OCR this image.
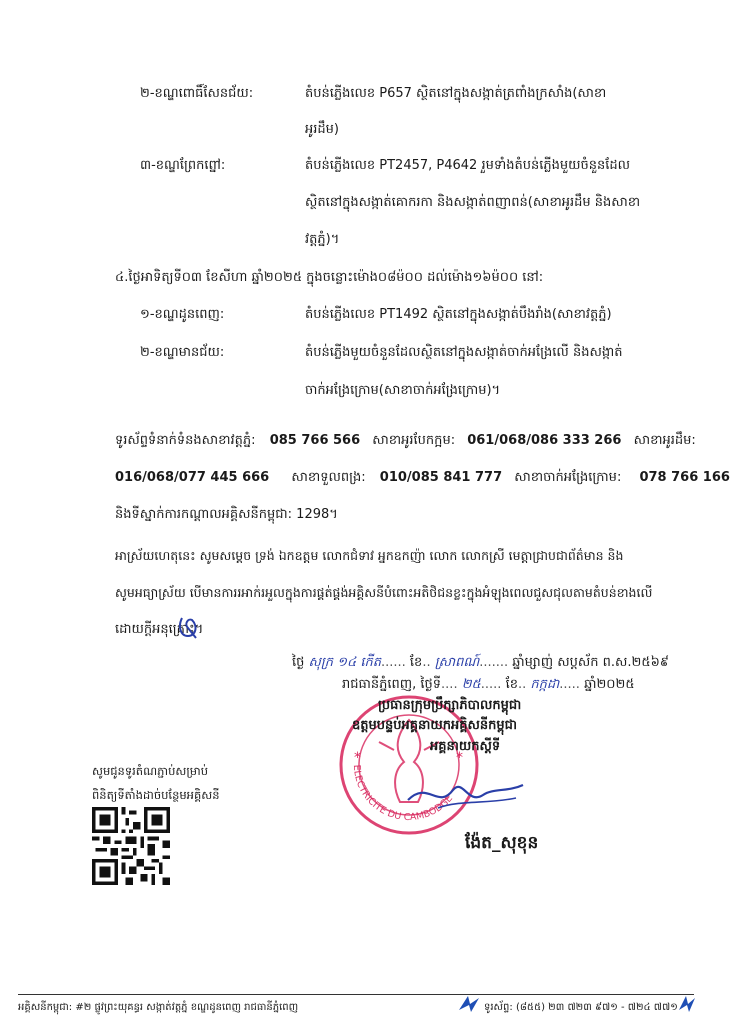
២-ខណ្ឌពោធិ៍សែនជ័យ:	តំបន់ភ្លើងលេខ P657 ស្ថិតនៅក្នុងសង្កាត់ត្រពាំងក្រសាំង(សាខា
អូរដឹម)
៣-ខណ្ឌព្រែកព្នៅ:	តំបន់ភ្លើងលេខ PT2457, P4642 រួមទាំងតំបន់ភ្លើងមួយចំនួនដែល
ស្ថិតនៅក្នុងសង្កាត់គោករកា និងសង្កាត់ពញាពន់(សាខាអូរដឹម និងសាខា
វត្តភ្នំ)។
៤.ថ្ងៃអាទិត្យទី០៣ ខែសីហា ឆ្នាំ២០២៥ ក្នុងចន្លោះម៉ោង០៨ម៉០០ ដល់ម៉ោង១៦ម៉០០ នៅ:
១-ខណ្ឌដូនពេញ:	តំបន់ភ្លើងលេខ PT1492 ស្ថិតនៅក្នុងសង្កាត់បឹងរាំង(សាខាវត្តភ្នំ)
២-ខណ្ឌមានជ័យ:	តំបន់ភ្លើងមួយចំនួនដែលស្ថិតនៅក្នុងសង្កាត់ចាក់អង្រែលើ និងសង្កាត់
ចាក់អង្រែក្រោម(សាខាចាក់អង្រែក្រោម)។
ទូរស័ព្ទទំនាក់ទំនងសាខាវត្តភ្នំ: 085 766 566 សាខាអូរបែកក្អម: 061/068/086 333 266 សាខាអូរដឹម:
016/068/077 445 666 សាខាទួលពង្រ: 010/085 841 777 សាខាចាក់អង្រែក្រោម: 078 766 166
និងទីស្នាក់ការកណ្តាលអគ្គិសនីកម្ពុជា: 1298។
អាស្រ័យហេតុនេះ សូមសម្តេច ទ្រង់ ឯកឧត្តម លោកជំទាវ អ្នកឧកញ៉ា លោក លោកស្រី មេត្តាជ្រាបជាព័ត៌មាន និង
សូមអធ្យាស្រ័យ បើមានការរអាក់រអួលក្នុងការផ្គត់ផ្គង់អគ្គិសនីបំពោះអតិថិជនខ្លះក្នុងអំឡុងពេលជួសជុលតាមតំបន់ខាងលើ
ដោយក្តីអនុគ្រោះ។
ថ្ងៃ សុក្រ ១៤ កើត...... ខែ.. ស្រាពណ៍....... ឆ្នាំម្សាញ់ សប្តស័ក ព.ស.២៥៦៩
រាជធានីភ្នំពេញ, ថ្ងៃទី.... ២៥..... ខែ.. កក្កដា..... ឆ្នាំ២០២៥
ELECTRICITE DU CAMBODGE
*	*
ប្រធានក្រុមប្រឹក្សាភិបាលកម្ពុជា
ឧត្តមបន្ទប់អគ្គនាយកអគ្គិសនីកម្ពុជា
អគ្គនាយកស្តីទី
ង៉ែត_សុខុន
សូមជូនទូរតំណភ្ជាប់សម្រាប់
ពិនិត្យទីតាំងដាច់បន្ថែមអគ្គិសនី
អគ្គិសនីកម្ពុជា: #២ ផ្លូវព្រះយុគន្ធរ សង្កាត់វត្តភ្នំ ខណ្ឌដូនពេញ រាជធានីភ្នំពេញ	ទូរស័ព្ទ: (៨៥៥) ២៣ ៧២៣ ៩៧១ - ៧២៤ ៧៧១
